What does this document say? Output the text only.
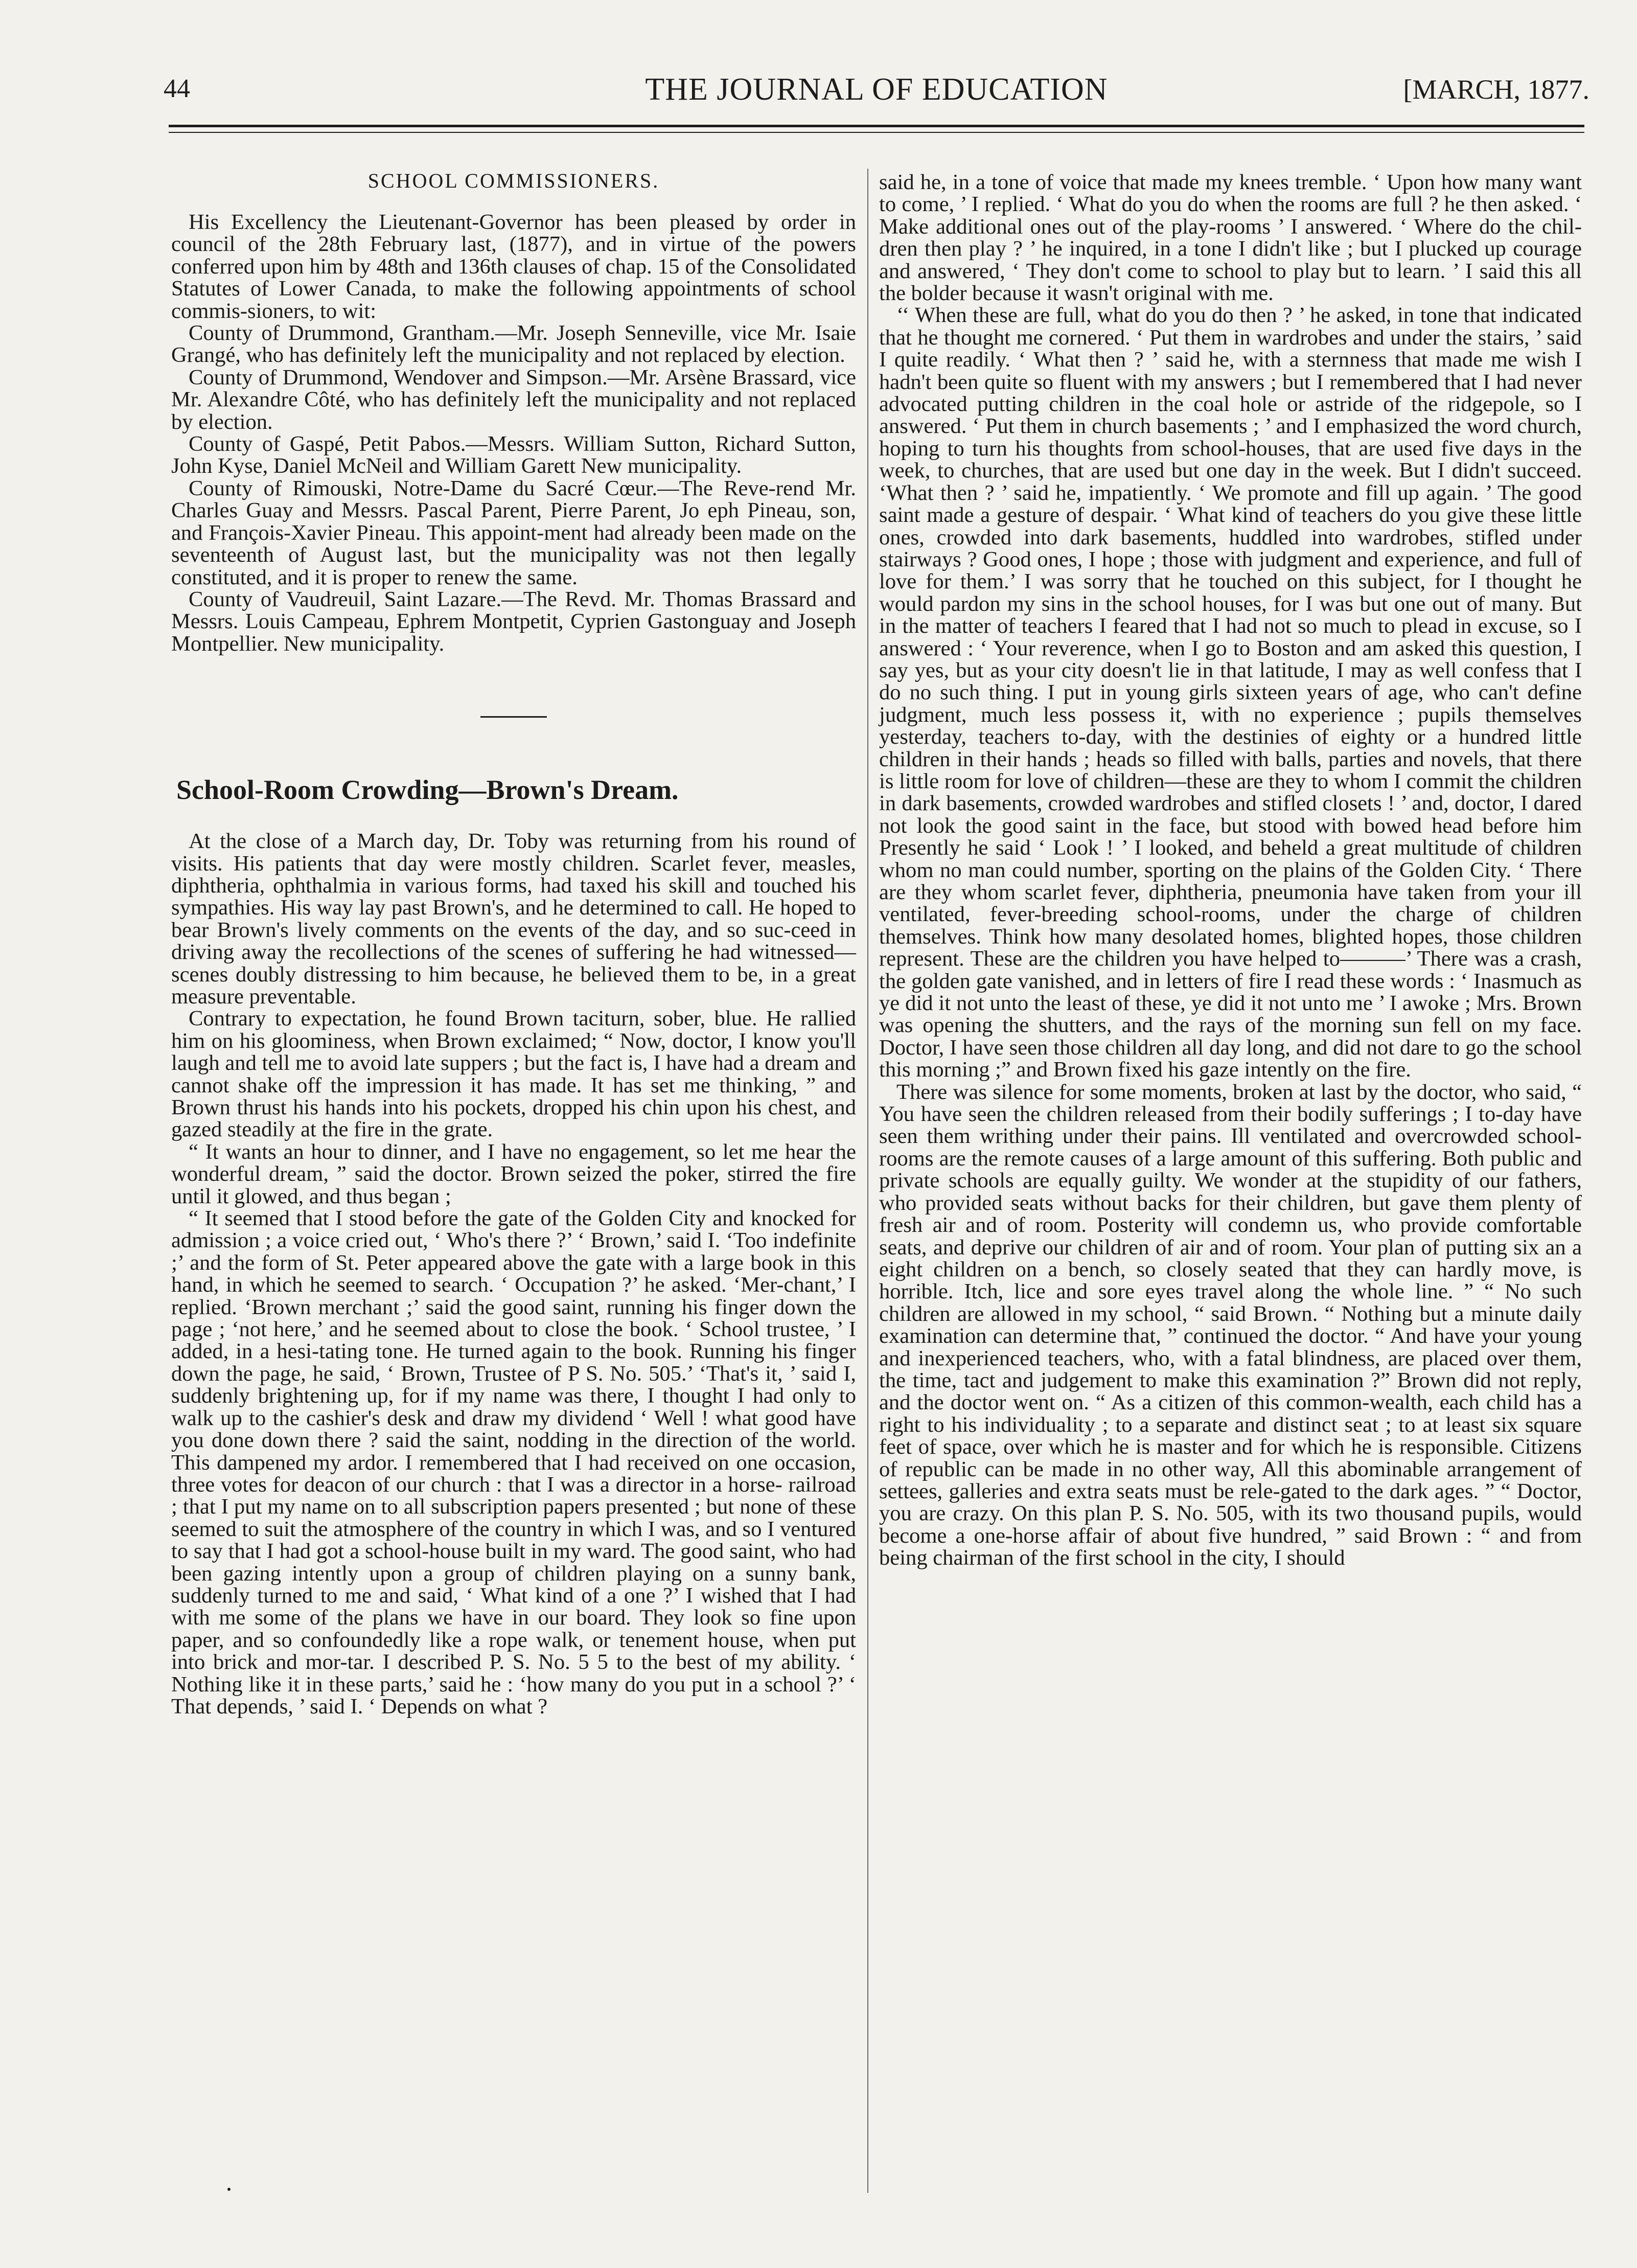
44	THE JOURNAL OF EDUCATION	[MARCH, 1877.
SCHOOL COMMISSIONERS.

His Excellency the Lieutenant-Governor has been pleased by order in council of the 28th February last, (1877), and in virtue of the powers conferred upon him by 48th and 136th clauses of chap. 15 of the Consolidated Statutes of Lower Canada, to make the following appointments of school commis-sioners, to wit:

County of Drummond, Grantham.—Mr. Joseph Senneville, vice Mr. Isaie Grangé, who has definitely left the municipality and not replaced by election.

County of Drummond, Wendover and Simpson.—Mr. Arsène Brassard, vice Mr. Alexandre Côté, who has definitely left the municipality and not replaced by election.

County of Gaspé, Petit Pabos.—Messrs. William Sutton, Richard Sutton, John Kyse, Daniel McNeil and William Garett New municipality.

County of Rimouski, Notre-Dame du Sacré Cœur.—The Reve-rend Mr. Charles Guay and Messrs. Pascal Parent, Pierre Parent, Jo eph Pineau, son, and François-Xavier Pineau. This appoint-ment had already been made on the seventeenth of August last, but the municipality was not then legally constituted, and it is proper to renew the same.

County of Vaudreuil, Saint Lazare.—The Revd. Mr. Thomas Brassard and Messrs. Louis Campeau, Ephrem Montpetit, Cyprien Gastonguay and Joseph Montpellier. New municipality.

School-Room Crowding—Brown's Dream.

At the close of a March day, Dr. Toby was returning from his round of visits. His patients that day were mostly children. Scarlet fever, measles, diphtheria, ophthalmia in various forms, had taxed his skill and touched his sympathies. His way lay past Brown's, and he determined to call. He hoped to bear Brown's lively comments on the events of the day, and so suc-ceed in driving away the recollections of the scenes of suffering he had witnessed—scenes doubly distressing to him because, he believed them to be, in a great measure preventable.

Contrary to expectation, he found Brown taciturn, sober, blue. He rallied him on his gloominess, when Brown exclaimed; “ Now, doctor, I know you'll laugh and tell me to avoid late suppers ; but the fact is, I have had a dream and cannot shake off the impression it has made. It has set me thinking, ” and Brown thrust his hands into his pockets, dropped his chin upon his chest, and gazed steadily at the fire in the grate.

“ It wants an hour to dinner, and I have no engagement, so let me hear the wonderful dream, ” said the doctor. Brown seized the poker, stirred the fire until it glowed, and thus began ;

“ It seemed that I stood before the gate of the Golden City and knocked for admission ; a voice cried out, ‘ Who's there ?’ ‘ Brown,’ said I. ‘Too indefinite ;’ and the form of St. Peter appeared above the gate with a large book in this hand, in which he seemed to search. ‘ Occupation ?’ he asked. ‘Mer-chant,’ I replied. ‘Brown merchant ;’ said the good saint, running his finger down the page ; ‘not here,’ and he seemed about to close the book. ‘ School trustee, ’ I added, in a hesi-tating tone. He turned again to the book. Running his finger down the page, he said, ‘ Brown, Trustee of P S. No. 505.’ ‘That's it, ’ said I, suddenly brightening up, for if my name was there, I thought I had only to walk up to the cashier's desk and draw my dividend ‘ Well ! what good have you done down there ? said the saint, nodding in the direction of the world. This dampened my ardor. I remembered that I had received on one occasion, three votes for deacon of our church : that I was a director in a horse- railroad ; that I put my name on to all subscription papers presented ; but none of these seemed to suit the atmosphere of the country in which I was, and so I ventured to say that I had got a school-house built in my ward. The good saint, who had been gazing intently upon a group of children playing on a sunny bank, suddenly turned to me and said, ‘ What kind of a one ?’ I wished that I had with me some of the plans we have in our board. They look so fine upon paper, and so confoundedly like a rope walk, or tenement house, when put into brick and mor-tar. I described P. S. No. 5 5 to the best of my ability. ‘ Nothing like it in these parts,’ said he : ‘how many do you put in a school ?’ ‘ That depends, ’ said I. ‘ Depends on what ?

said he, in a tone of voice that made my knees tremble. ‘ Upon how many want to come, ’ I replied. ‘ What do you do when the rooms are full ? he then asked. ‘ Make additional ones out of the play-rooms ’ I answered. ‘ Where do the chil-dren then play ? ’ he inquired, in a tone I didn't like ; but I plucked up courage and answered, ‘ They don't come to school to play but to learn. ’ I said this all the bolder because it wasn't original with me.

‘‘ When these are full, what do you do then ? ’ he asked, in tone that indicated that he thought me cornered. ‘ Put them in wardrobes and under the stairs, ’ said I quite readily. ‘ What then ? ’ said he, with a sternness that made me wish I hadn't been quite so fluent with my answers ; but I remembered that I had never advocated putting children in the coal hole or astride of the ridgepole, so I answered. ‘ Put them in church basements ; ’ and I emphasized the word church, hoping to turn his thoughts from school-houses, that are used five days in the week, to churches, that are used but one day in the week. But I didn't succeed. ‘What then ? ’ said he, impatiently. ‘ We promote and fill up again. ’ The good saint made a gesture of despair. ‘ What kind of teachers do you give these little ones, crowded into dark basements, huddled into wardrobes, stifled under stairways ? Good ones, I hope ; those with judgment and experience, and full of love for them.’ I was sorry that he touched on this subject, for I thought he would pardon my sins in the school houses, for I was but one out of many. But in the matter of teachers I feared that I had not so much to plead in excuse, so I answered : ‘ Your reverence, when I go to Boston and am asked this question, I say yes, but as your city doesn't lie in that latitude, I may as well confess that I do no such thing. I put in young girls sixteen years of age, who can't define judgment, much less possess it, with no experience ; pupils themselves yesterday, teachers to-day, with the destinies of eighty or a hundred little children in their hands ; heads so filled with balls, parties and novels, that there is little room for love of children—these are they to whom I commit the children in dark basements, crowded wardrobes and stifled closets ! ’ and, doctor, I dared not look the good saint in the face, but stood with bowed head before him Presently he said ‘ Look ! ’ I looked, and beheld a great multitude of children whom no man could number, sporting on the plains of the Golden City. ‘ There are they whom scarlet fever, diphtheria, pneumonia have taken from your ill ventilated, fever-breeding school-rooms, under the charge of children themselves. Think how many desolated homes, blighted hopes, those children represent. These are the children you have helped to———’ There was a crash, the golden gate vanished, and in letters of fire I read these words : ‘ Inasmuch as ye did it not unto the least of these, ye did it not unto me ’ I awoke ; Mrs. Brown was opening the shutters, and the rays of the morning sun fell on my face. Doctor, I have seen those children all day long, and did not dare to go the school this morning ;” and Brown fixed his gaze intently on the fire.

There was silence for some moments, broken at last by the doctor, who said, “ You have seen the children released from their bodily sufferings ; I to-day have seen them writhing under their pains. Ill ventilated and overcrowded school-rooms are the remote causes of a large amount of this suffering. Both public and private schools are equally guilty. We wonder at the stupidity of our fathers, who provided seats without backs for their children, but gave them plenty of fresh air and of room. Posterity will condemn us, who provide comfortable seats, and deprive our children of air and of room. Your plan of putting six an a eight children on a bench, so closely seated that they can hardly move, is horrible. Itch, lice and sore eyes travel along the whole line. ” “ No such children are allowed in my school, “ said Brown. “ Nothing but a minute daily examination can determine that, ” continued the doctor. “ And have your young and inexperienced teachers, who, with a fatal blindness, are placed over them, the time, tact and judgement to make this examination ?” Brown did not reply, and the doctor went on. “ As a citizen of this common-wealth, each child has a right to his individuality ; to a separate and distinct seat ; to at least six square feet of space, over which he is master and for which he is responsible. Citizens of republic can be made in no other way, All this abominable arrangement of settees, galleries and extra seats must be rele-gated to the dark ages. ” “ Doctor, you are crazy. On this plan P. S. No. 505, with its two thousand pupils, would become a one-horse affair of about five hundred, ” said Brown : “ and from being chairman of the first school in the city, I should
